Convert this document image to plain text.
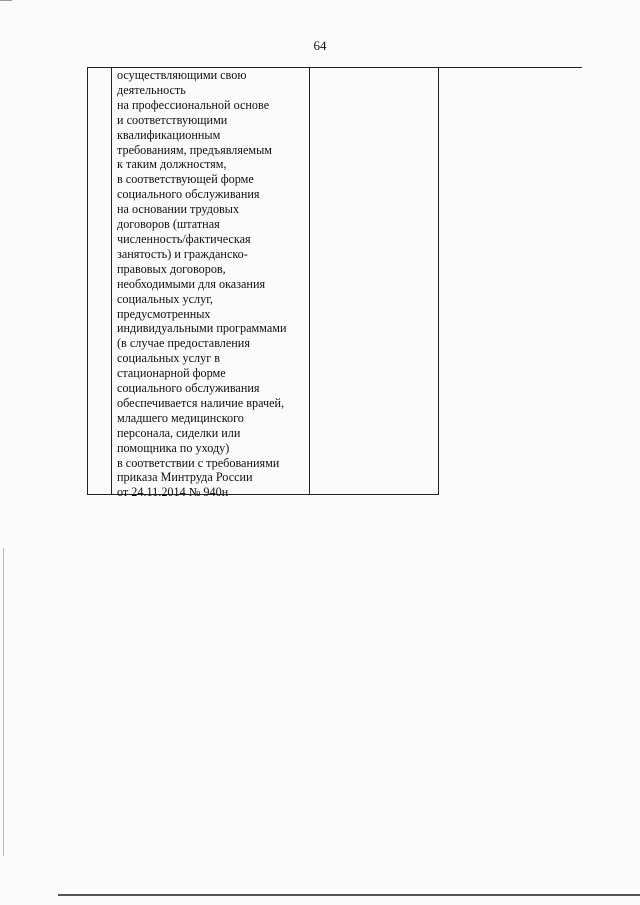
64
осуществляющими свою
деятельность
на профессиональной основе
и соответствующими
квалификационным
требованиям, предъявляемым
к таким должностям,
в соответствующей форме
социального обслуживания
на основании трудовых
договоров (штатная
численность/фактическая
занятость) и гражданско-
правовых договоров,
необходимыми для оказания
социальных услуг,
предусмотренных
индивидуальными программами
(в случае предоставления
социальных услуг в
стационарной форме
социального обслуживания
обеспечивается наличие врачей,
младшего медицинского
персонала, сиделки или
помощника по уходу)
в соответствии с требованиями
приказа Минтруда России
от 24.11.2014 № 940н
